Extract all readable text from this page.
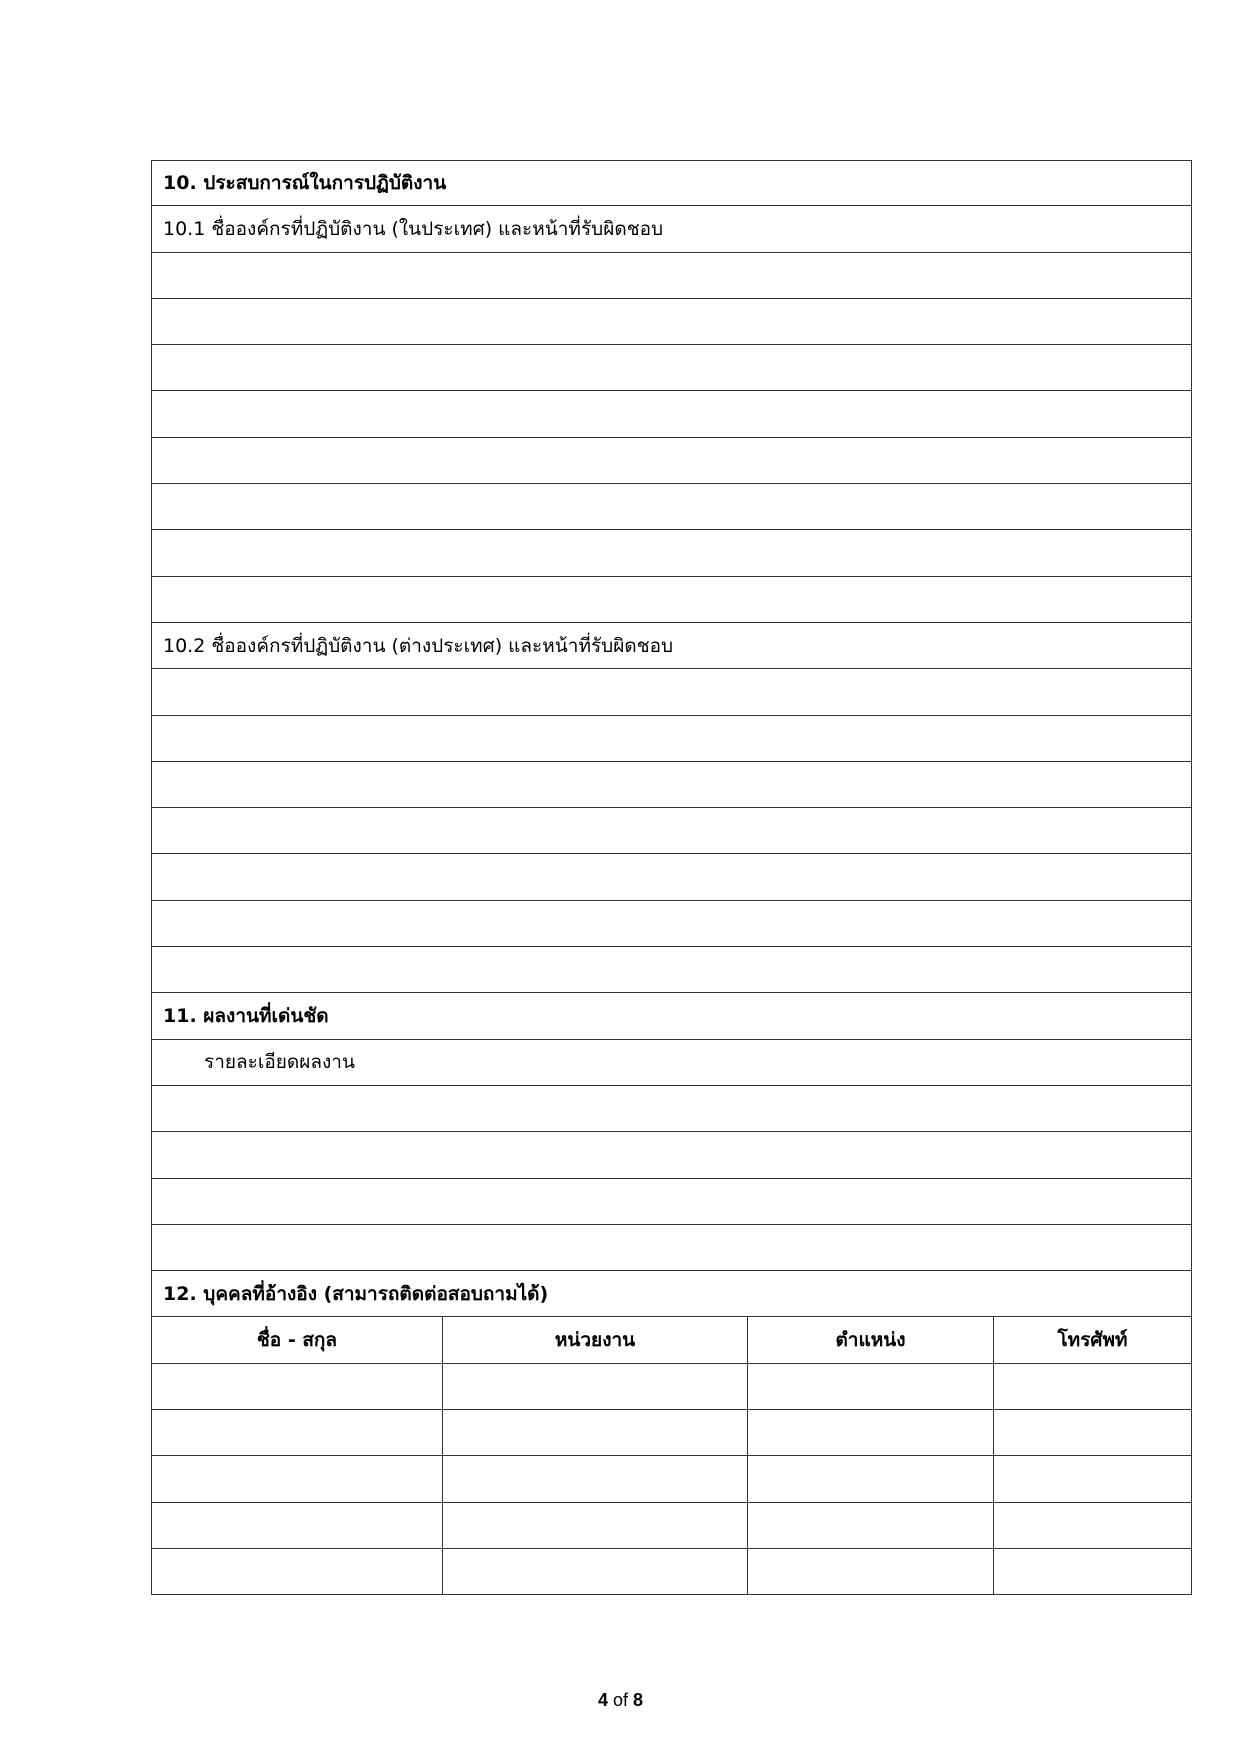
10. ประสบการณ์ในการปฏิบัติงาน
10.1 ชื่อองค์กรที่ปฏิบัติงาน (ในประเทศ) และหน้าที่รับผิดชอบ
10.2 ชื่อองค์กรที่ปฏิบัติงาน (ต่างประเทศ) และหน้าที่รับผิดชอบ
11. ผลงานที่เด่นชัด
รายละเอียดผลงาน
12. บุคคลที่อ้างอิง (สามารถติดต่อสอบถามได้)
ชื่อ - สกุล	หน่วยงาน	ตำแหน่ง	โทรศัพท์
4 of 8
